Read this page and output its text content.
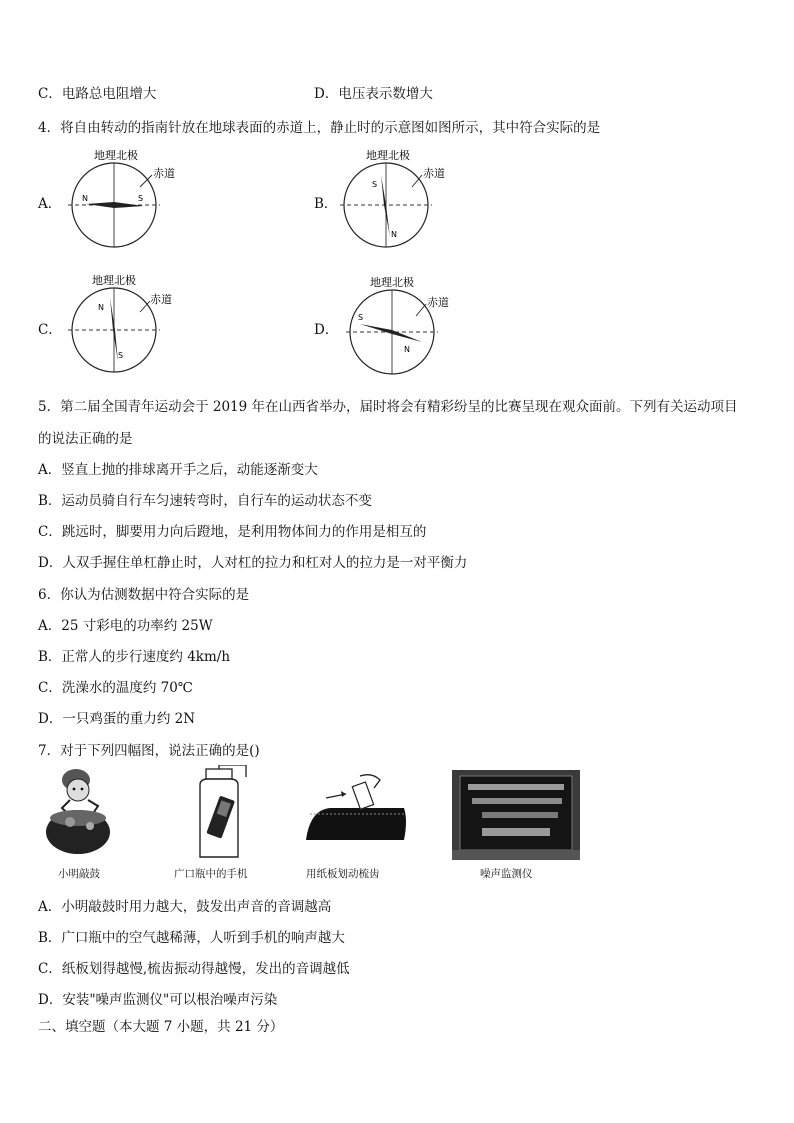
C．电路总电阻增大	D．电压表示数增大
4．将自由转动的指南针放在地球表面的赤道上，静止时的示意图如图所示，其中符合实际的是
A．
地理北极
N	S
赤道
B．
地理北极
S
N
赤道
C．
地理北极
N
S
赤道
D．
地理北极
S
N
赤道
5．第二届全国青年运动会于 2019 年在山西省举办，届时将会有精彩纷呈的比赛呈现在观众面前。下列有关运动项目
的说法正确的是
A．竖直上抛的排球离开手之后，动能逐渐变大
B．运动员骑自行车匀速转弯时，自行车的运动状态不变
C．跳远时，脚要用力向后蹬地，是利用物体间力的作用是相互的
D．人双手握住单杠静止时，人对杠的拉力和杠对人的拉力是一对平衡力
6．你认为估测数据中符合实际的是
A．25 寸彩电的功率约 25W
B．正常人的步行速度约 4km/h
C．洗澡水的温度约 70℃
D．一只鸡蛋的重力约 2N
7．对于下列四幅图，说法正确的是()
小明敲鼓	广口瓶中的手机	用纸板划动梳齿	噪声监测仪
A．小明敲鼓时用力越大，鼓发出声音的音调越高
B．广口瓶中的空气越稀薄，人听到手机的响声越大
C．纸板划得越慢,梳齿振动得越慢，发出的音调越低
D．安装"噪声监测仪"可以根治噪声污染
二、填空题（本大题 7 小题，共 21 分）
